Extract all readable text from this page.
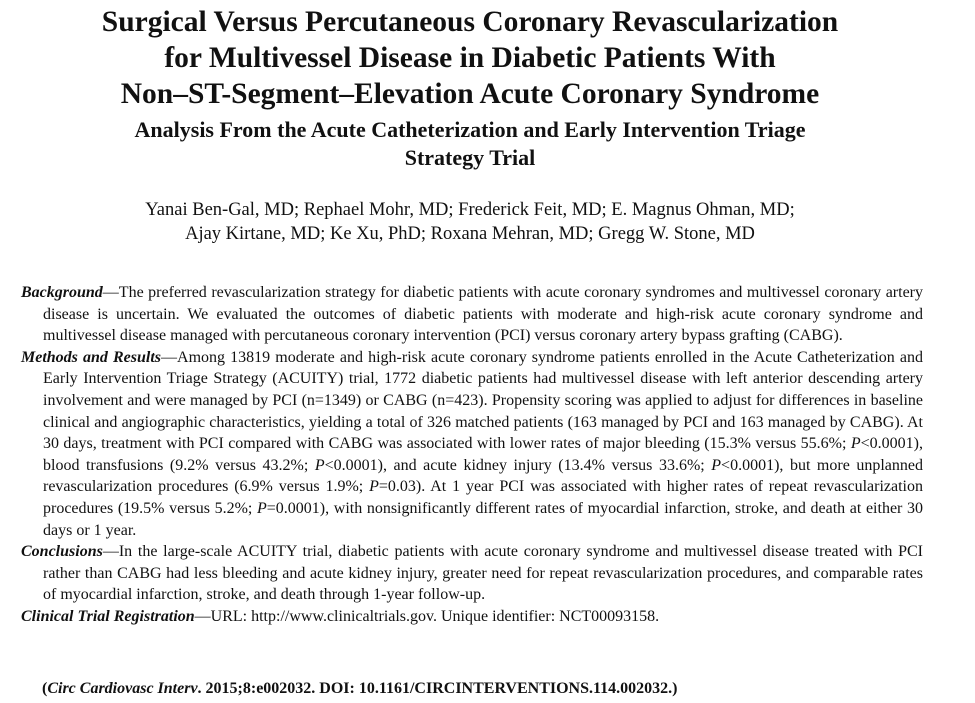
Surgical Versus Percutaneous Coronary Revascularization
for Multivessel Disease in Diabetic Patients With
Non–ST-Segment–Elevation Acute Coronary Syndrome
Analysis From the Acute Catheterization and Early Intervention Triage
Strategy Trial
Yanai Ben-Gal, MD; Rephael Mohr, MD; Frederick Feit, MD; E. Magnus Ohman, MD;
Ajay Kirtane, MD; Ke Xu, PhD; Roxana Mehran, MD; Gregg W. Stone, MD

Background—The preferred revascularization strategy for diabetic patients with acute coronary syndromes and multivessel coronary artery disease is uncertain. We evaluated the outcomes of diabetic patients with moderate and high-risk acute coronary syndrome and multivessel disease managed with percutaneous coronary intervention (PCI) versus coronary artery bypass grafting (CABG).

Methods and Results—Among 13819 moderate and high-risk acute coronary syndrome patients enrolled in the Acute Catheterization and Early Intervention Triage Strategy (ACUITY) trial, 1772 diabetic patients had multivessel disease with left anterior descending artery involvement and were managed by PCI (n=1349) or CABG (n=423). Propensity scoring was applied to adjust for differences in baseline clinical and angiographic characteristics, yielding a total of 326 matched patients (163 managed by PCI and 163 managed by CABG). At 30 days, treatment with PCI compared with CABG was associated with lower rates of major bleeding (15.3% versus 55.6%; P<0.0001), blood transfusions (9.2% versus 43.2%; P<0.0001), and acute kidney injury (13.4% versus 33.6%; P<0.0001), but more unplanned revascularization procedures (6.9% versus 1.9%; P=0.03). At 1 year PCI was associated with higher rates of repeat revascularization procedures (19.5% versus 5.2%; P=0.0001), with nonsignificantly different rates of myocardial infarction, stroke, and death at either 30 days or 1 year.

Conclusions—In the large-scale ACUITY trial, diabetic patients with acute coronary syndrome and multivessel disease treated with PCI rather than CABG had less bleeding and acute kidney injury, greater need for repeat revascularization procedures, and comparable rates of myocardial infarction, stroke, and death through 1-year follow-up.

Clinical Trial Registration—URL: http://www.clinicaltrials.gov. Unique identifier: NCT00093158.

(Circ Cardiovasc Interv. 2015;8:e002032. DOI: 10.1161/CIRCINTERVENTIONS.114.002032.)
